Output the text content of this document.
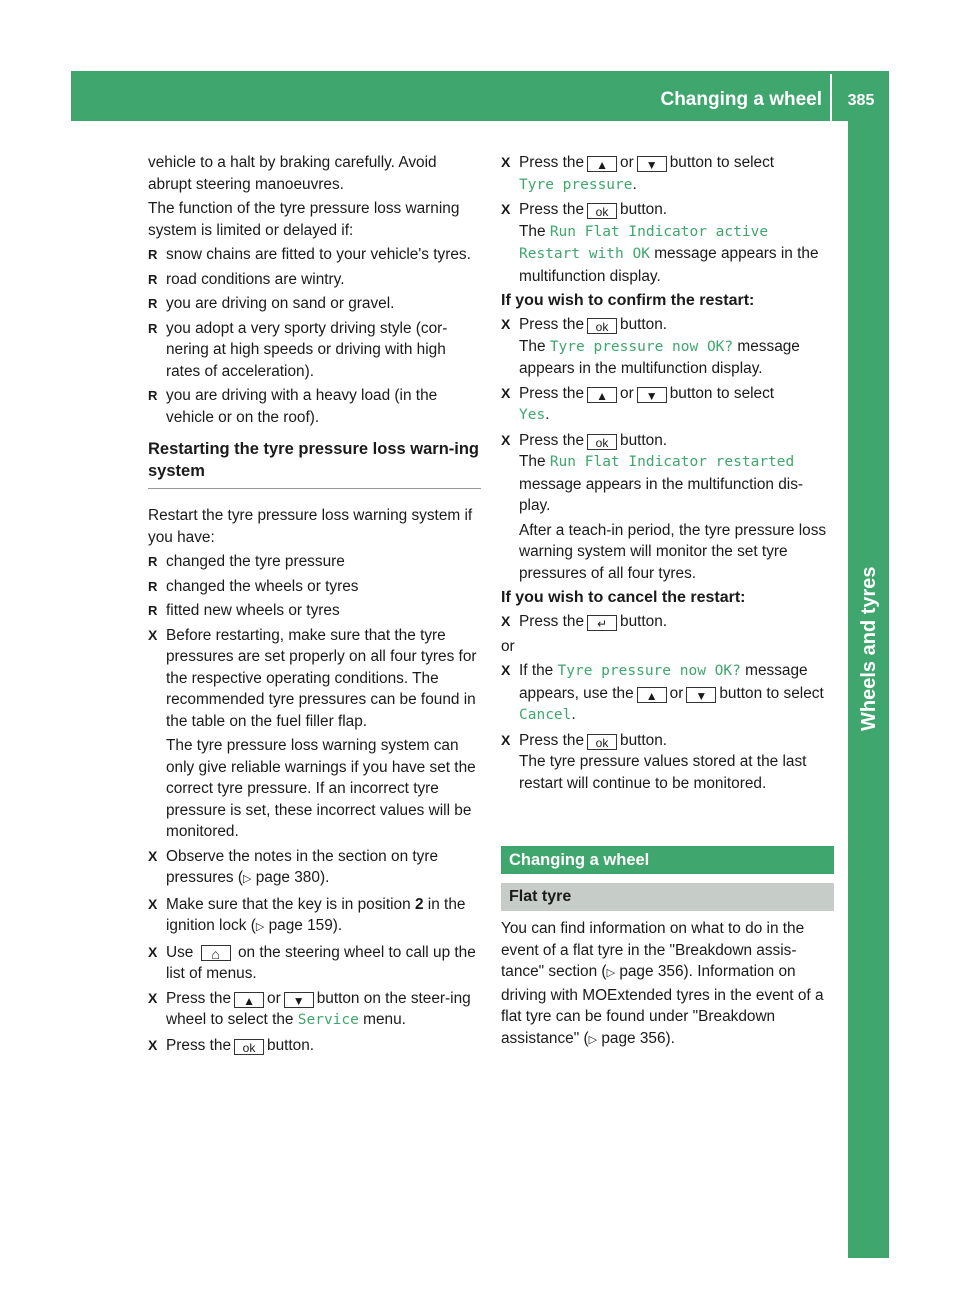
Changing a wheel	385
Wheels and tyres

vehicle to a halt by braking carefully. Avoid abrupt steering manoeuvres.

The function of the tyre pressure loss warning system is limited or delayed if:

R snow chains are fitted to your vehicle's tyres.
R road conditions are wintry.
R you are driving on sand or gravel.
R you adopt a very sporty driving style (cor-nering at high speeds or driving with high rates of acceleration).
R you are driving with a heavy load (in the vehicle or on the roof).
Restarting the tyre pressure loss warn-ing system

Restart the tyre pressure loss warning system if you have:

R changed the tyre pressure
R changed the wheels or tyres
R fitted new wheels or tyres
X Before restarting, make sure that the tyre pressures are set properly on all four tyres for the respective operating conditions. The recommended tyre pressures can be found in the table on the fuel filler flap.

The tyre pressure loss warning system can only give reliable warnings if you have set the correct tyre pressure. If an incorrect tyre pressure is set, these incorrect values will be monitored.

X Observe the notes in the section on tyre pressures (▷ page 380).
X Make sure that the key is in position 2 in the ignition lock (▷ page 159).
X Use ⌂	on the steering wheel to call up the list of menus.
X Press the ▲ or ▼ button on the steer-ing wheel to select the Service menu.
X Press the ok button.
X Press the ▲ or ▼ button to select
Tyre pressure.
X Press the ok button.
The Run Flat Indicator active
Restart with OK message appears in the multifunction display.

If you wish to confirm the restart:

X Press the ok button.
The Tyre pressure now OK? message appears in the multifunction display.
X Press the ▲ or ▼ button to select
Yes.
X Press the ok button.
The Run Flat Indicator restarted message appears in the multifunction dis-play.

After a teach-in period, the tyre pressure loss warning system will monitor the set tyre pressures of all four tyres.

If you wish to cancel the restart:

X Press the ↵ button.

or

X If the Tyre pressure now OK? message appears, use the ▲ or▼ button to select Cancel.
X Press the ok button.
The tyre pressure values stored at the last restart will continue to be monitored.
Changing a wheel
Flat tyre

You can find information on what to do in the event of a flat tyre in the "Breakdown assis-tance" section (▷ page 356). Information on driving with MOExtended tyres in the event of a flat tyre can be found under "Breakdown assistance" (▷ page 356).
